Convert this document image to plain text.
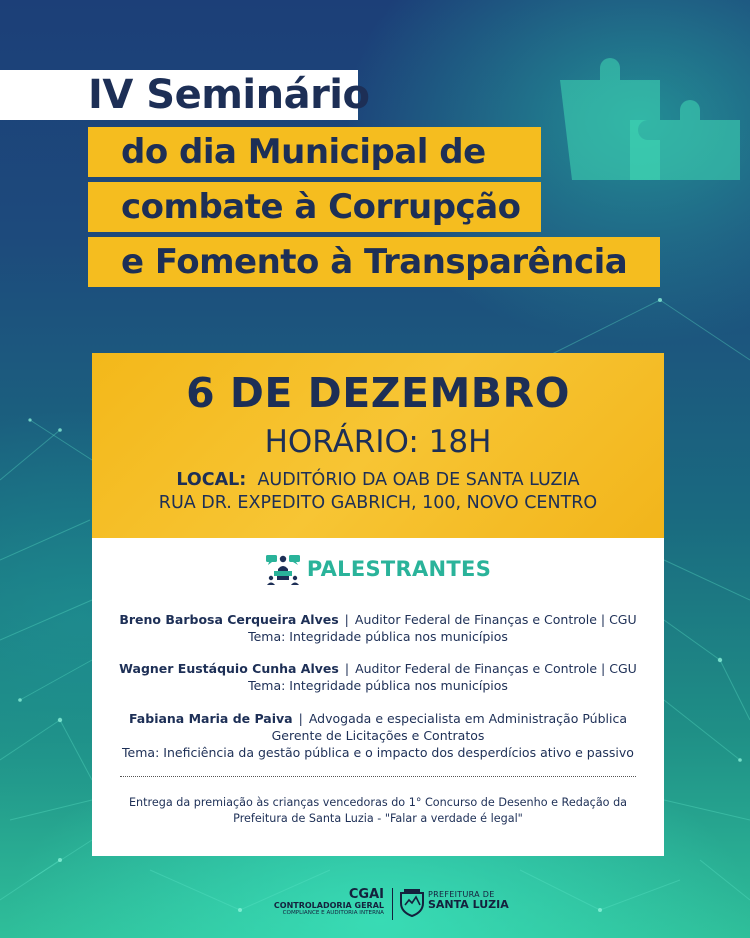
IV Seminário
do dia Municipal de
combate à Corrupção
e Fomento à Transparência
6 DE DEZEMBRO
HORÁRIO: 18H
LOCAL: AUDITÓRIO DA OAB DE SANTA LUZIA
RUA DR. EXPEDITO GABRICH, 100, NOVO CENTRO
PALESTRANTES
Breno Barbosa Cerqueira Alves | Auditor Federal de Finanças e Controle | CGU
Tema: Integridade pública nos municípios
Wagner Eustáquio Cunha Alves | Auditor Federal de Finanças e Controle | CGU
Tema: Integridade pública nos municípios
Fabiana Maria de Paiva | Advogada e especialista em Administração Pública
Gerente de Licitações e Contratos
Tema: Ineficiência da gestão pública e o impacto dos desperdícios ativo e passivo
Entrega da premiação às crianças vencedoras do 1° Concurso de Desenho e Redação da
Prefeitura de Santa Luzia - "Falar a verdade é legal"
CGAI
CONTROLADORIA GERAL
COMPLIANCE E AUDITORIA INTERNA
PREFEITURA DE
SANTA LUZIA
